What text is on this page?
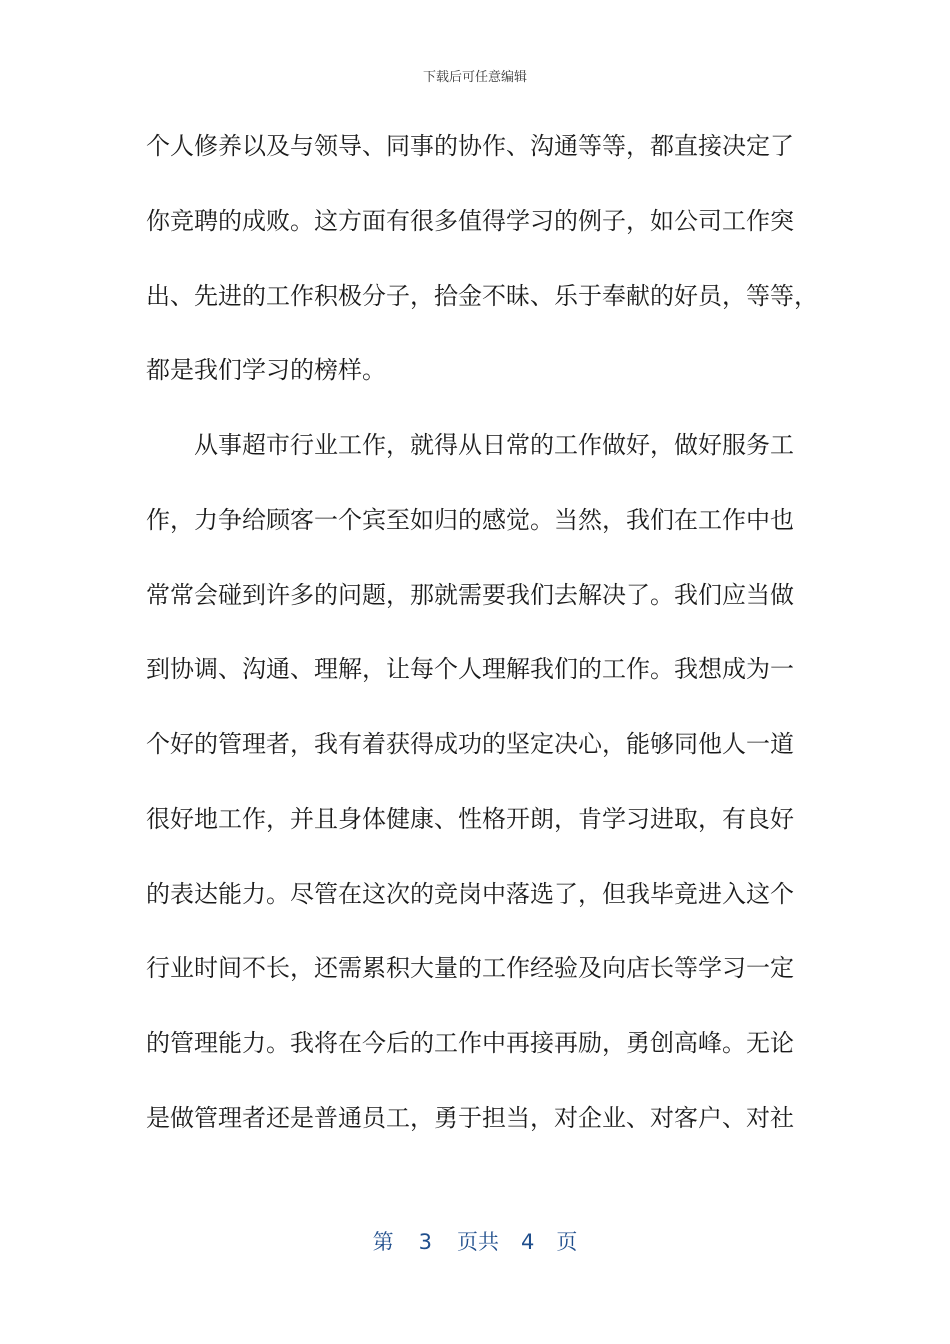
下载后可任意编辑
个人修养以及与领导、同事的协作、沟通等等，都直接决定了
你竞聘的成败。这方面有很多值得学习的例子，如公司工作突
出、先进的工作积极分子，拾金不昧、乐于奉献的好员，等等，
都是我们学习的榜样。
从事超市行业工作，就得从日常的工作做好，做好服务工
作，力争给顾客一个宾至如归的感觉。当然，我们在工作中也
常常会碰到许多的问题，那就需要我们去解决了。我们应当做
到协调、沟通、理解，让每个人理解我们的工作。我想成为一
个好的管理者，我有着获得成功的坚定决心，能够同他人一道
很好地工作，并且身体健康、性格开朗，肯学习进取，有良好
的表达能力。尽管在这次的竞岗中落选了，但我毕竟进入这个
行业时间不长，还需累积大量的工作经验及向店长等学习一定
的管理能力。我将在今后的工作中再接再励，勇创高峰。无论
是做管理者还是普通员工，勇于担当，对企业、对客户、对社
第 3 页共 4 页
